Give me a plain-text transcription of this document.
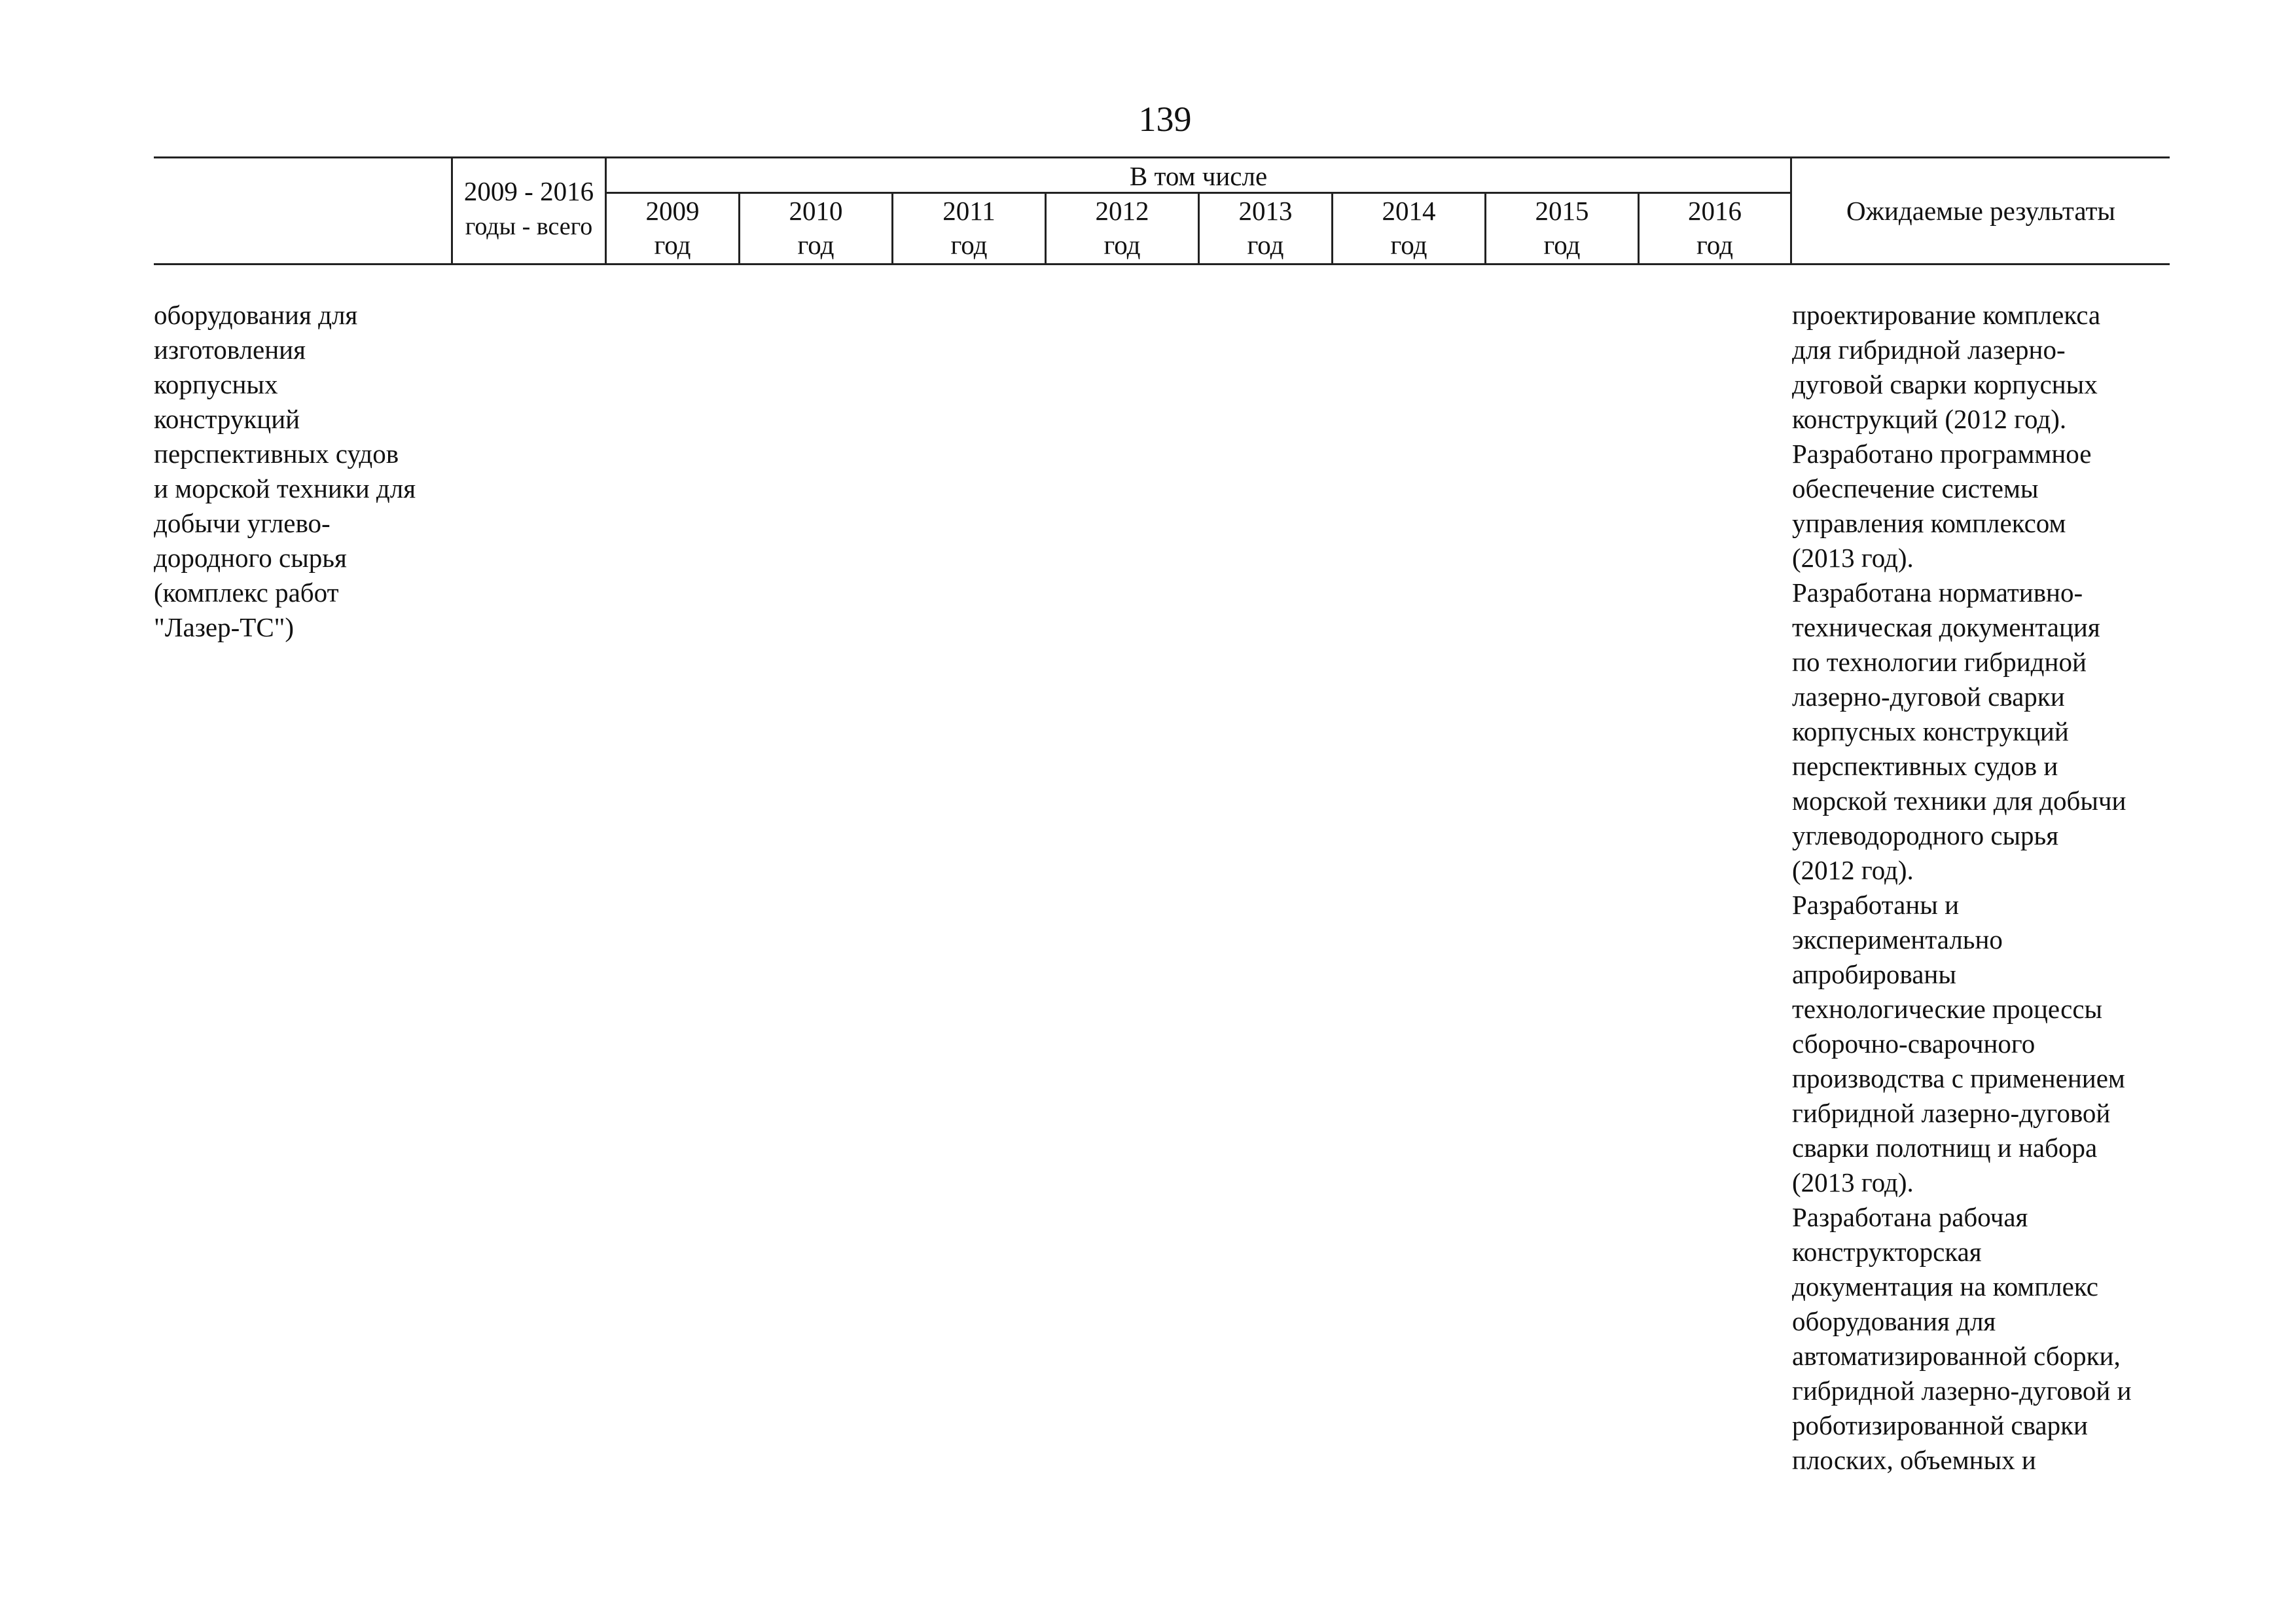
139
2009 - 2016
годы - всего
В том числе
2009
год
2010
год
2011
год
2012
год
2013
год
2014
год
2015
год
2016
год
Ожидаемые результаты
оборудования для
изготовления
корпусных
конструкций
перспективных судов
и морской техники для
добычи углево-
дородного сырья
(комплекс работ
"Лазер-ТС")
проектирование комплекса
для гибридной лазерно-
дуговой сварки корпусных
конструкций (2012 год).
Разработано программное
обеспечение системы
управления комплексом
(2013 год).
Разработана нормативно-
техническая документация
по технологии гибридной
лазерно-дуговой сварки
корпусных конструкций
перспективных судов и
морской техники для добычи
углеводородного сырья
(2012 год).
Разработаны и
экспериментально
апробированы
технологические процессы
сборочно-сварочного
производства с применением
гибридной лазерно-дуговой
сварки полотнищ и набора
(2013 год).
Разработана рабочая
конструкторская
документация на комплекс
оборудования для
автоматизированной сборки,
гибридной лазерно-дуговой и
роботизированной сварки
плоских, объемных и
